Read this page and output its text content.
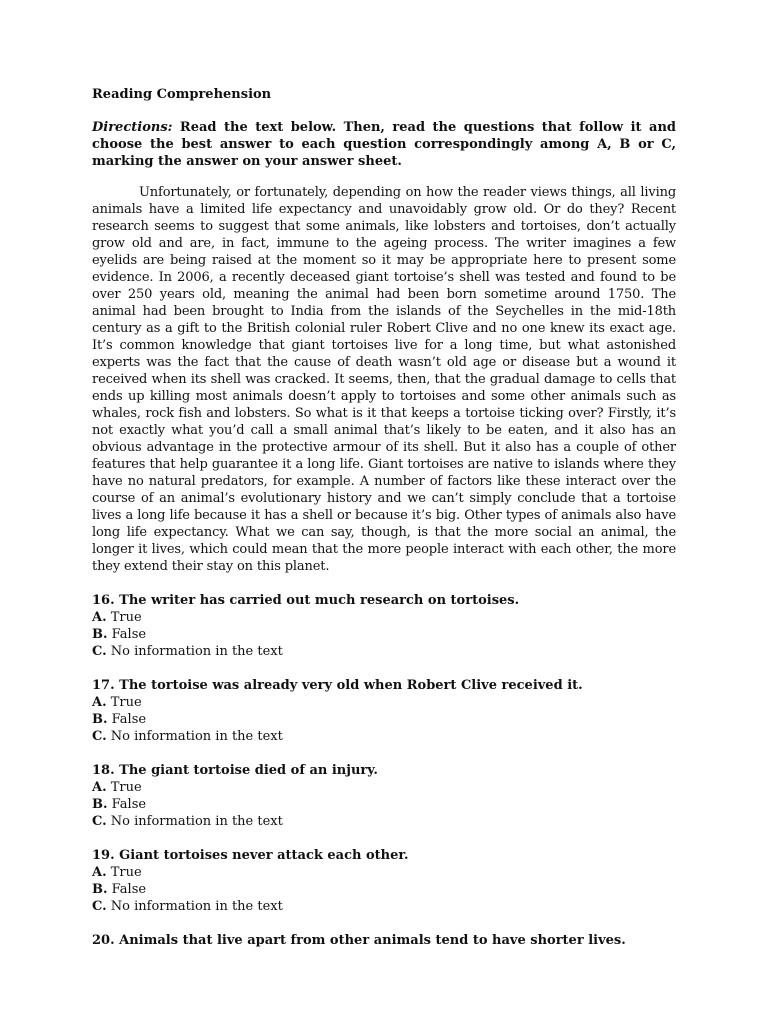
Reading Comprehension
Directions: Read the text below. Then, read the questions that follow it and choose the best answer to each question correspondingly among A, B or C, marking the answer on your answer sheet.
Unfortunately, or fortunately, depending on how the reader views things, all living animals have a limited life expectancy and unavoidably grow old. Or do they? Recent research seems to suggest that some animals, like lobsters and tortoises, don’t actually grow old and are, in fact, immune to the ageing process. The writer imagines a few eyelids are being raised at the moment so it may be appropriate here to present some evidence. In 2006, a recently deceased giant tortoise’s shell was tested and found to be over 250 years old, meaning the animal had been born sometime around 1750. The animal had been brought to India from the islands of the Seychelles in the mid-18th century as a gift to the British colonial ruler Robert Clive and no one knew its exact age. It’s common knowledge that giant tortoises live for a long time, but what astonished experts was the fact that the cause of death wasn’t old age or disease but a wound it received when its shell was cracked. It seems, then, that the gradual damage to cells that ends up killing most animals doesn’t apply to tortoises and some other animals such as whales, rock fish and lobsters. So what is it that keeps a tortoise ticking over? Firstly, it’s not exactly what you’d call a small animal that’s likely to be eaten, and it also has an obvious advantage in the protective armour of its shell. But it also has a couple of other features that help guarantee it a long life. Giant tortoises are native to islands where they have no natural predators, for example. A number of factors like these interact over the course of an animal’s evolutionary history and we can’t simply conclude that a tortoise lives a long life because it has a shell or because it’s big. Other types of animals also have long life expectancy. What we can say, though, is that the more social an animal, the longer it lives, which could mean that the more people interact with each other, the more they extend their stay on this planet.
16. The writer has carried out much research on tortoises.
A. True
B. False
C. No information in the text
17. The tortoise was already very old when Robert Clive received it.
A. True
B. False
C. No information in the text
18. The giant tortoise died of an injury.
A. True
B. False
C. No information in the text
19. Giant tortoises never attack each other.
A. True
B. False
C. No information in the text
20. Animals that live apart from other animals tend to have shorter lives.
